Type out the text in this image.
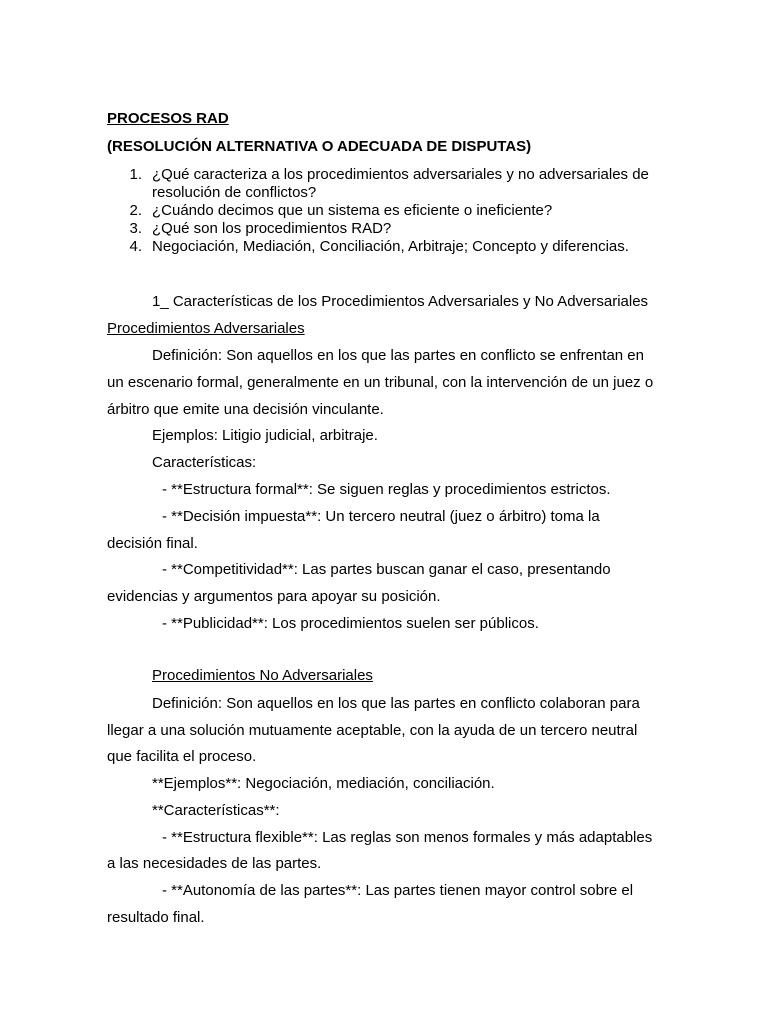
PROCESOS RAD
(RESOLUCIÓN ALTERNATIVA O ADECUADA DE DISPUTAS)
1. ¿Qué caracteriza a los procedimientos adversariales y no adversariales de
resolución de conflictos?
2. ¿Cuándo decimos que un sistema es eficiente o ineficiente?
3. ¿Qué son los procedimientos RAD?
4. Negociación, Mediación, Conciliación, Arbitraje; Concepto y diferencias.
1_ Características de los Procedimientos Adversariales y No Adversariales
Procedimientos Adversariales
Definición: Son aquellos en los que las partes en conflicto se enfrentan en
un escenario formal, generalmente en un tribunal, con la intervención de un juez o
árbitro que emite una decisión vinculante.
Ejemplos: Litigio judicial, arbitraje.
Características:
- **Estructura formal**: Se siguen reglas y procedimientos estrictos.
- **Decisión impuesta**: Un tercero neutral (juez o árbitro) toma la
decisión final.
- **Competitividad**: Las partes buscan ganar el caso, presentando
evidencias y argumentos para apoyar su posición.
- **Publicidad**: Los procedimientos suelen ser públicos.
Procedimientos No Adversariales
Definición: Son aquellos en los que las partes en conflicto colaboran para
llegar a una solución mutuamente aceptable, con la ayuda de un tercero neutral
que facilita el proceso.
**Ejemplos**: Negociación, mediación, conciliación.
**Características**:
- **Estructura flexible**: Las reglas son menos formales y más adaptables
a las necesidades de las partes.
- **Autonomía de las partes**: Las partes tienen mayor control sobre el
resultado final.
